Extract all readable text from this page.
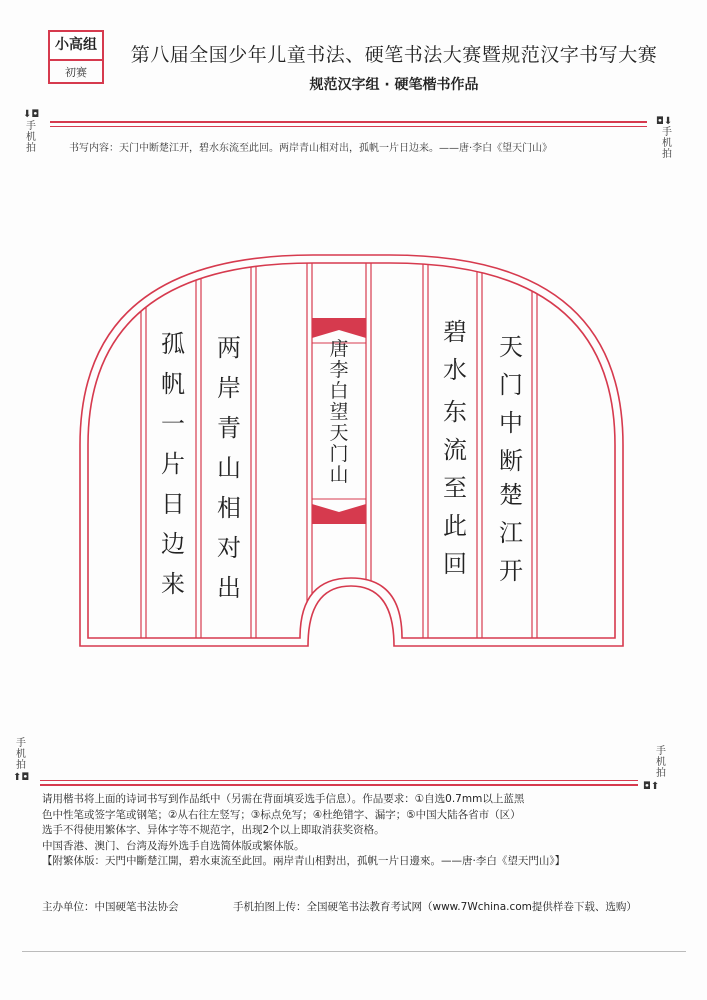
小高组
初赛
第八届全国少年儿童书法、硬笔书法大赛暨规范汉字书写大赛
规范汉字组 · 硬笔楷书作品
⬇◘
◘⬇
手机拍
手机拍
书写内容：天门中断楚江开，碧水东流至此回。两岸青山相对出，孤帆一片日边来。——唐·李白《望天门山》
天
门
中
断
楚
江
开
碧
水
东
流
至
此
回
两
岸
青
山
相
对
出
孤
帆
一
片
日
边
来
唐
李
白
望
天
门
山
手机拍
手机拍
⬆◘
◘⬆
请用楷书将上面的诗词书写到作品纸中（另需在背面填妥选手信息）。作品要求：①自选0.7mm以上蓝黑
色中性笔或签字笔或钢笔；②从右往左竖写；③标点免写；④杜绝错字、漏字；⑤中国大陆各省市（区）
选手不得使用繁体字、异体字等不规范字，出现2个以上即取消获奖资格。
中国香港、澳门、台湾及海外选手自选简体版或繁体版。
【附繁体版：天門中斷楚江開，碧水東流至此回。兩岸青山相對出，孤帆一片日邊來。——唐·李白《望天門山》】
主办单位：中国硬笔书法协会	手机拍图上传：全国硬笔书法教育考试网（www.7Wchina.com提供样卷下载、选购）
